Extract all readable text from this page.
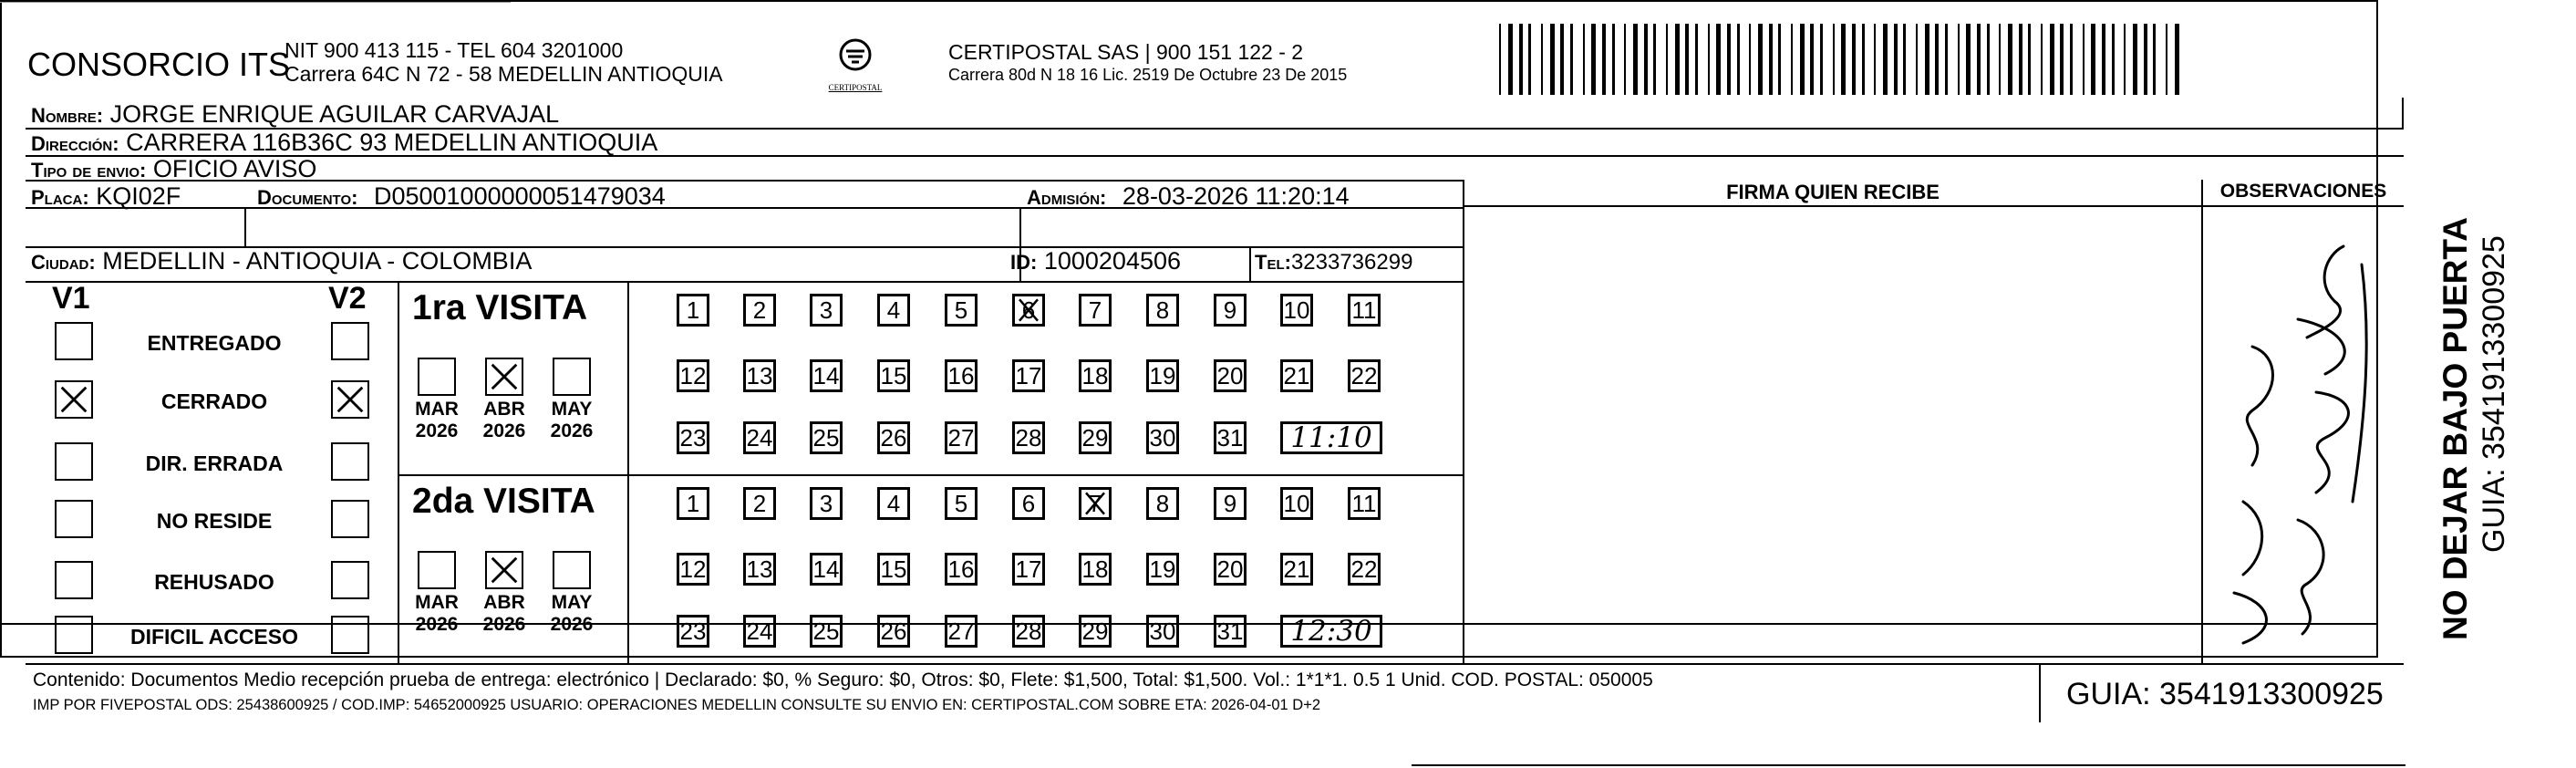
CONSORCIO ITS
NIT 900 413 115 - TEL 604 3201000
Carrera 64C N 72 - 58 MEDELLIN ANTIOQUIA
CERTIPOSTAL
CERTIPOSTAL SAS | 900 151 122 - 2
Carrera 80d N 18 16 Lic. 2519 De Octubre 23 De 2015
Nombre: JORGE ENRIQUE AGUILAR CARVAJAL
Dirección: CARRERA 116B36C 93 MEDELLIN ANTIOQUIA
Tipo de envio: OFICIO AVISO
Placa: KQI02F	Documento: D05001000000051479034	Admisión: 28-03-2026 11:20:14
Ciudad: MEDELLIN - ANTIOQUIA - COLOMBIA	ID: 1000204506	Tel:3233736299
FIRMA QUIEN RECIBE	OBSERVACIONES
NO DEJAR BAJO PUERTA GUIA: 3541913300925
V1	V2
ENTREGADO
CERRADO
DIR. ERRADA
NO RESIDE
REHUSADO
DIFICIL ACCESO
1ra VISITA
MAR
2026
ABR
2026
MAY
2026
1	2	3	4	5	6	7	8	9	10 11
12 13 14 15 16 17 18 19 20 21 22
23 24 25 26 27 28 29 30 31	11:10
2da VISITA
MAR
2026
ABR
2026
MAY
2026
1	2	3	4	5	6	7	8	9	10 11
12 13 14 15 16 17 18 19 20 21 22
23 24 25 26 27 28 29 30 31	12:30
Contenido: Documentos Medio recepción prueba de entrega: electrónico | Declarado: $0, % Seguro: $0, Otros: $0, Flete: $1,500, Total: $1,500. Vol.: 1*1*1. 0.5 1 Unid. COD. POSTAL: 050005
IMP POR FIVEPOSTAL ODS: 25438600925 / COD.IMP: 54652000925 USUARIO: OPERACIONES MEDELLIN CONSULTE SU ENVIO EN: CERTIPOSTAL.COM SOBRE ETA: 2026-04-01 D+2	GUIA: 3541913300925
